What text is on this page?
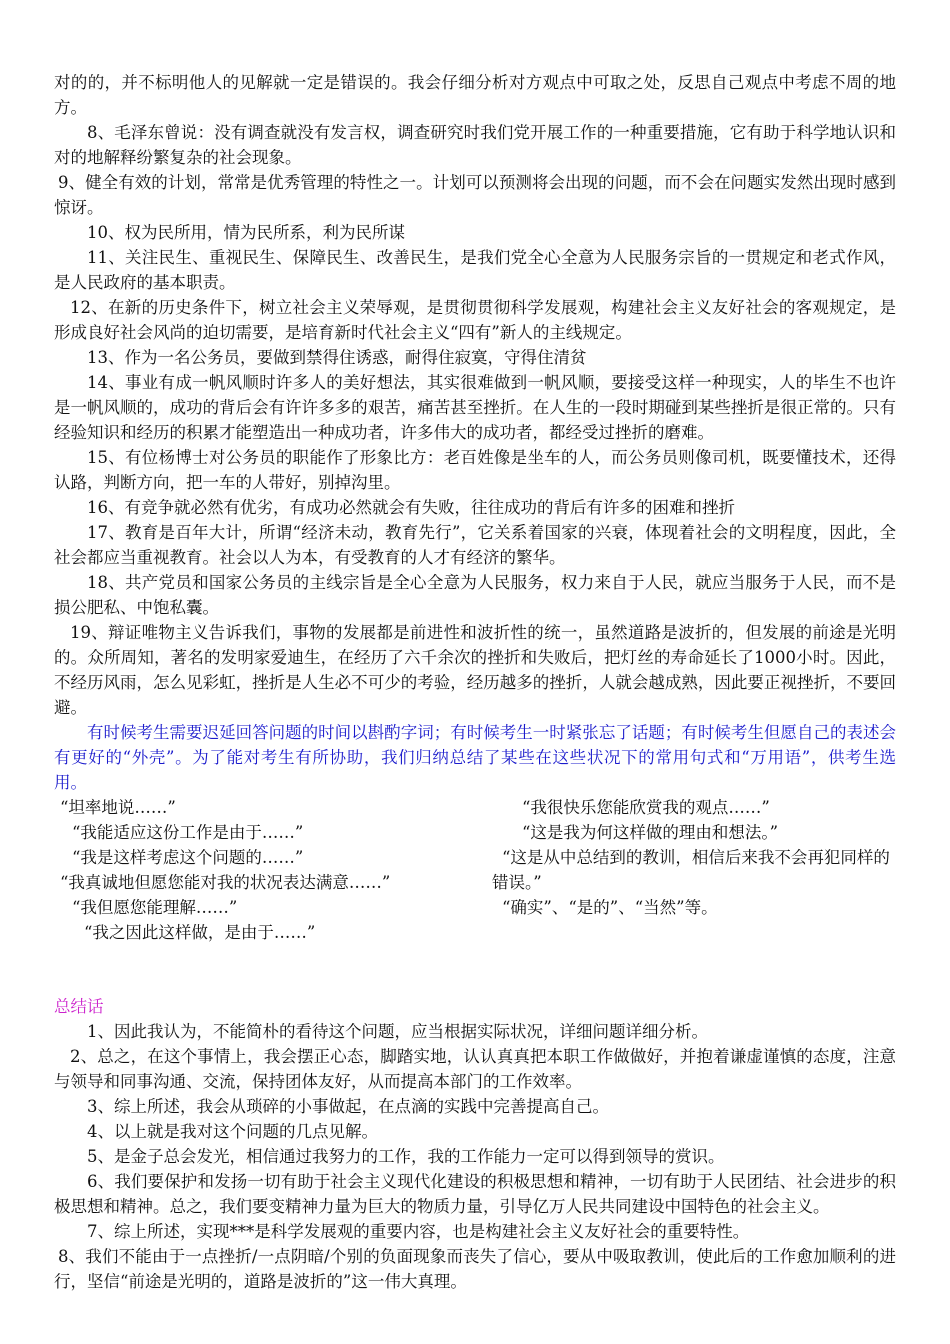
对的的，并不标明他人的见解就一定是错误的。我会仔细分析对方观点中可取之处，反思自己观点中考虑不周的地方。

8、毛泽东曾说：没有调查就没有发言权，调查研究时我们党开展工作的一种重要措施，它有助于科学地认识和对的地解释纷繁复杂的社会现象。

9、健全有效的计划，常常是优秀管理的特性之一。计划可以预测将会出现的问题，而不会在问题实发然出现时感到惊讶。

10、权为民所用，情为民所系，利为民所谋

11、关注民生、重视民生、保障民生、改善民生，是我们党全心全意为人民服务宗旨的一贯规定和老式作风，是人民政府的基本职责。

12、在新的历史条件下，树立社会主义荣辱观，是贯彻贯彻科学发展观，构建社会主义友好社会的客观规定，是形成良好社会风尚的迫切需要，是培育新时代社会主义“四有”新人的主线规定。

13、作为一名公务员，要做到禁得住诱惑，耐得住寂寞，守得住清贫

14、事业有成一帆风顺时许多人的美好想法，其实很难做到一帆风顺，要接受这样一种现实，人的毕生不也许是一帆风顺的，成功的背后会有许许多多的艰苦，痛苦甚至挫折。在人生的一段时期碰到某些挫折是很正常的。只有经验知识和经历的积累才能塑造出一种成功者，许多伟大的成功者，都经受过挫折的磨难。

15、有位杨博士对公务员的职能作了形象比方：老百姓像是坐车的人，而公务员则像司机，既要懂技术，还得认路，判断方向，把一车的人带好，别掉沟里。

16、有竞争就必然有优劣，有成功必然就会有失败，往往成功的背后有许多的困难和挫折

17、教育是百年大计，所谓“经济未动，教育先行”，它关系着国家的兴衰，体现着社会的文明程度，因此，全社会都应当重视教育。社会以人为本，有受教育的人才有经济的繁华。

18、共产党员和国家公务员的主线宗旨是全心全意为人民服务，权力来自于人民，就应当服务于人民，而不是损公肥私、中饱私囊。

19、辩证唯物主义告诉我们，事物的发展都是前进性和波折性的统一，虽然道路是波折的，但发展的前途是光明的。众所周知，著名的发明家爱迪生，在经历了六千余次的挫折和失败后，把灯丝的寿命延长了1000小时。因此，不经历风雨，怎么见彩虹，挫折是人生必不可少的考验，经历越多的挫折，人就会越成熟，因此要正视挫折，不要回避。

有时候考生需要迟延回答问题的时间以斟酌字词；有时候考生一时紧张忘了话题；有时候考生但愿自己的表述会有更好的“外壳”。为了能对考生有所协助，我们归纳总结了某些在这些状况下的常用句式和“万用语”，供考生选用。

“坦率地说……”

“我能适应这份工作是由于……”

“我是这样考虑这个问题的……”

“我真诚地但愿您能对我的状况表达满意……”

“我但愿您能理解……”

“我之因此这样做，是由于……”

“我很快乐您能欣赏我的观点……”

“这是我为何这样做的理由和想法。”

“这是从中总结到的教训，相信后来我不会再犯同样的错误。”

“确实”、“是的”、“当然”等。

总结话

1、因此我认为，不能简朴的看待这个问题，应当根据实际状况，详细问题详细分析。

2、总之，在这个事情上，我会摆正心态，脚踏实地，认认真真把本职工作做做好，并抱着谦虚谨慎的态度，注意与领导和同事沟通、交流，保持团体友好，从而提高本部门的工作效率。

3、综上所述，我会从琐碎的小事做起，在点滴的实践中完善提高自己。

4、以上就是我对这个问题的几点见解。

5、是金子总会发光，相信通过我努力的工作，我的工作能力一定可以得到领导的赏识。

6、我们要保护和发扬一切有助于社会主义现代化建设的积极思想和精神，一切有助于人民团结、社会进步的积极思想和精神。总之，我们要变精神力量为巨大的物质力量，引导亿万人民共同建设中国特色的社会主义。

7、综上所述，实现***是科学发展观的重要内容，也是构建社会主义友好社会的重要特性。

8、我们不能由于一点挫折/一点阴暗/个别的负面现象而丧失了信心，要从中吸取教训，使此后的工作愈加顺利的进行，坚信“前途是光明的，道路是波折的”这一伟大真理。
